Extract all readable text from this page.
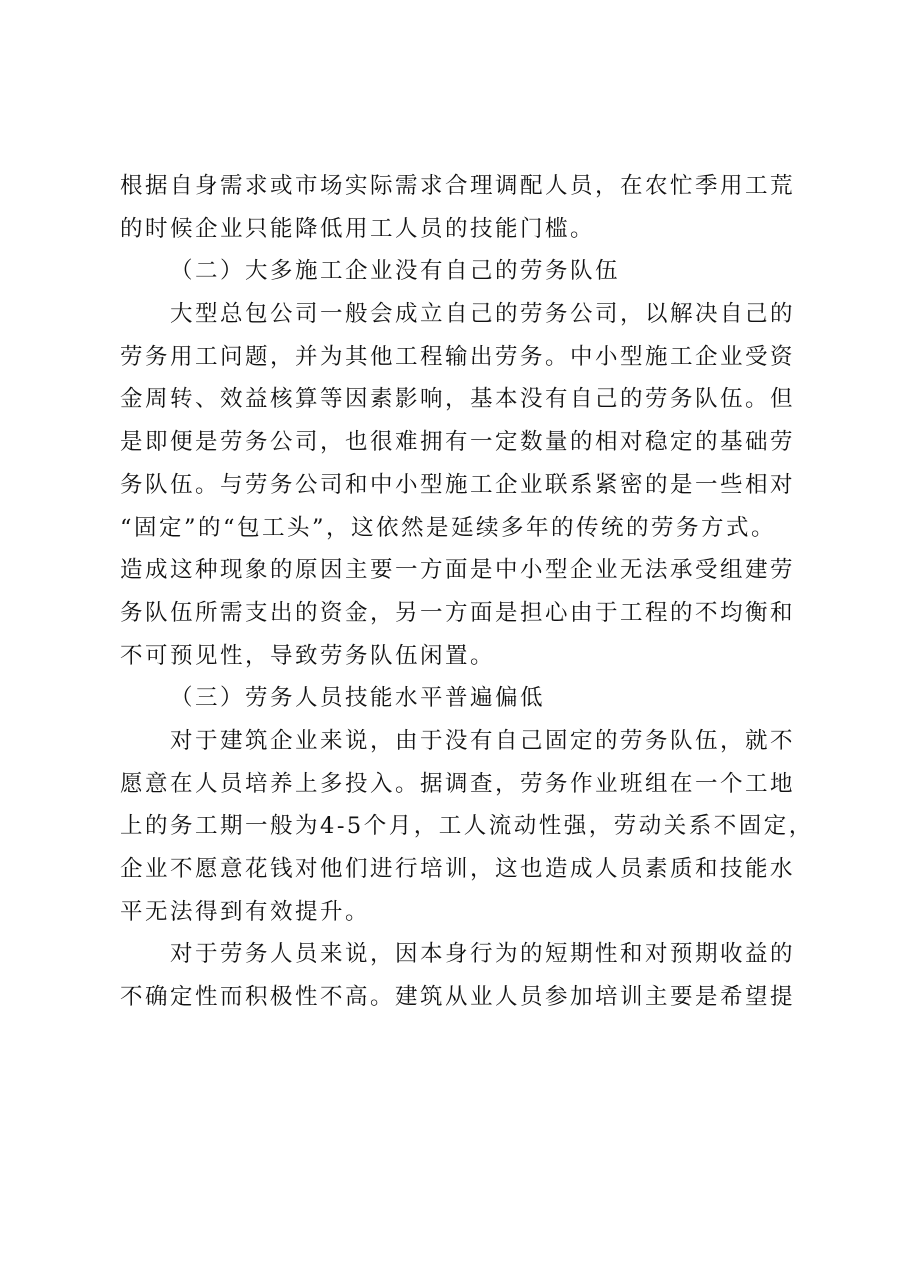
根据自身需求或市场实际需求合理调配人员，在农忙季用工荒
的时候企业只能降低用工人员的技能门槛。

（二）大多施工企业没有自己的劳务队伍

大型总包公司一般会成立自己的劳务公司，以解决自己的
劳务用工问题，并为其他工程输出劳务。中小型施工企业受资
金周转、效益核算等因素影响，基本没有自己的劳务队伍。但
是即便是劳务公司，也很难拥有一定数量的相对稳定的基础劳
务队伍。与劳务公司和中小型施工企业联系紧密的是一些相对
“固定”的“包工头”，这依然是延续多年的传统的劳务方式。
造成这种现象的原因主要一方面是中小型企业无法承受组建劳
务队伍所需支出的资金，另一方面是担心由于工程的不均衡和
不可预见性，导致劳务队伍闲置。

（三）劳务人员技能水平普遍偏低

对于建筑企业来说，由于没有自己固定的劳务队伍，就不
愿意在人员培养上多投入。据调查，劳务作业班组在一个工地
上的务工期一般为4-5个月，工人流动性强，劳动关系不固定，
企业不愿意花钱对他们进行培训，这也造成人员素质和技能水
平无法得到有效提升。

对于劳务人员来说，因本身行为的短期性和对预期收益的
不确定性而积极性不高。建筑从业人员参加培训主要是希望提
